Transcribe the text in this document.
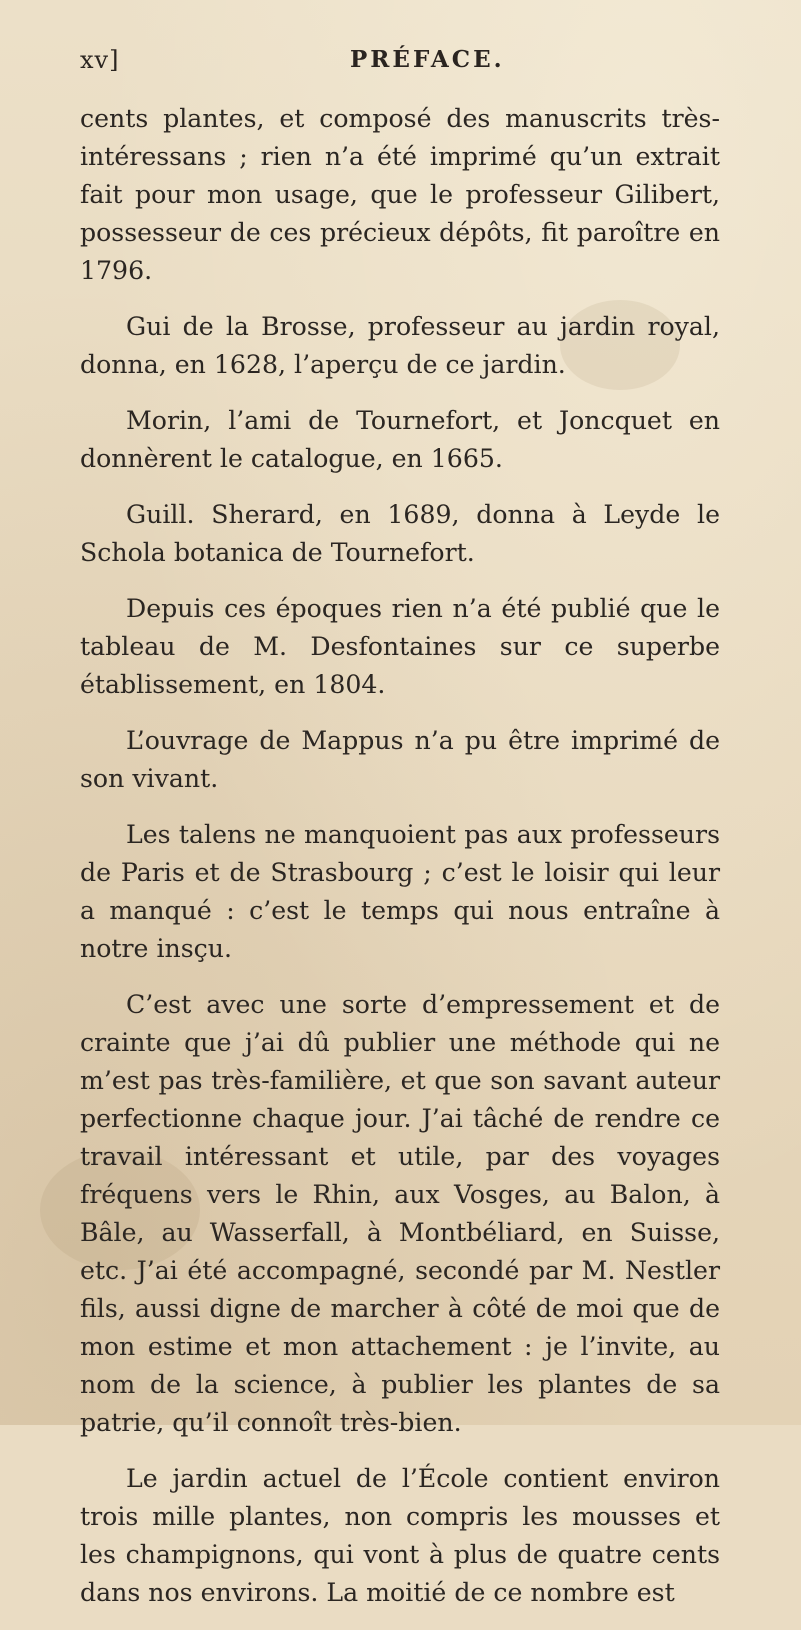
xv]	PRÉFACE.

cents plantes, et composé des manuscrits très-intéressans ; rien n’a été imprimé qu’un extrait fait pour mon usage, que le professeur Gilibert, possesseur de ces précieux dépôts, fit paroître en 1796.

Gui de la Brosse, professeur au jardin royal, donna, en 1628, l’aperçu de ce jardin.

Morin, l’ami de Tournefort, et Joncquet en donnèrent le catalogue, en 1665.

Guill. Sherard, en 1689, donna à Leyde le Schola botanica de Tournefort.

Depuis ces époques rien n’a été publié que le tableau de M. Desfontaines sur ce superbe établissement, en 1804.

L’ouvrage de Mappus n’a pu être imprimé de son vivant.

Les talens ne manquoient pas aux professeurs de Paris et de Strasbourg ; c’est le loisir qui leur a manqué : c’est le temps qui nous entraîne à notre insçu.

C’est avec une sorte d’empressement et de crainte que j’ai dû publier une méthode qui ne m’est pas très-familière, et que son savant auteur perfectionne chaque jour. J’ai tâché de rendre ce travail intéressant et utile, par des voyages fréquens vers le Rhin, aux Vosges, au Balon, à Bâle, au Wasserfall, à Montbéliard, en Suisse, etc. J’ai été accompagné, secondé par M. Nestler fils, aussi digne de marcher à côté de moi que de mon estime et mon attachement : je l’invite, au nom de la science, à publier les plantes de sa patrie, qu’il connoît très-bien.

Le jardin actuel de l’École contient environ trois mille plantes, non compris les mousses et les champignons, qui vont à plus de quatre cents dans nos environs. La moitié de ce nombre est
